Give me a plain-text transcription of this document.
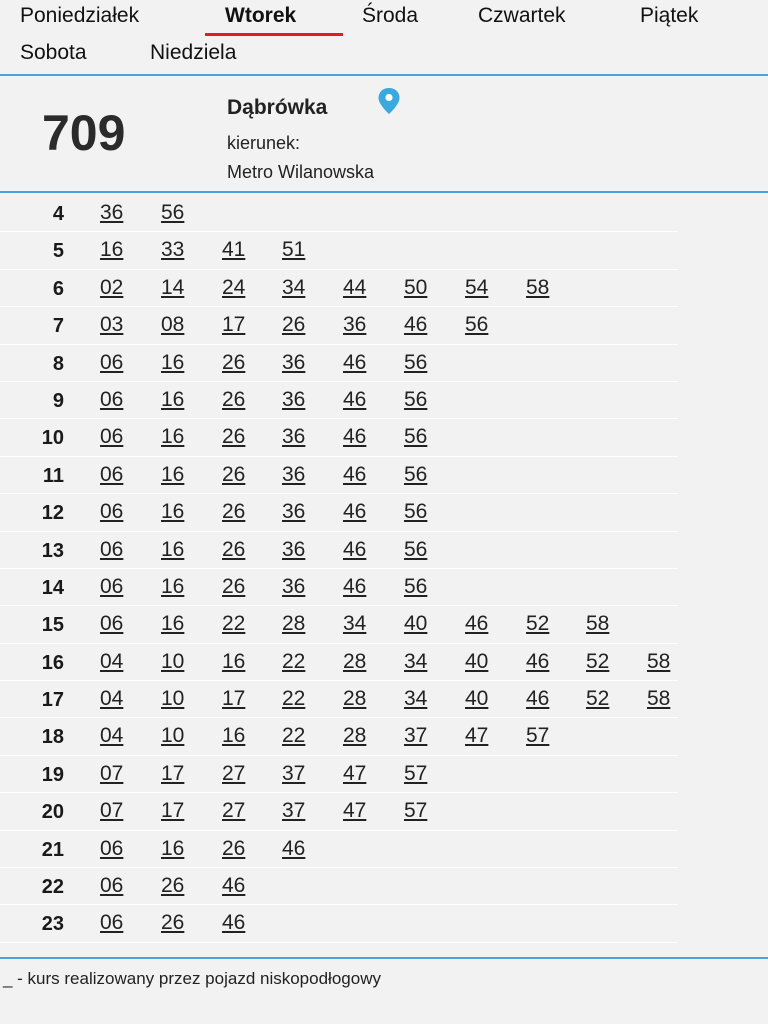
Poniedziałek	Wtorek	Środa	Czwartek	Piątek
Sobota	Niedziela
709	Dąbrówka
kierunek:
Metro Wilanowska
4 36 56
5 16 33 41 51
6 02 14 24 34 44 50 54 58
7 03 08 17 26 36 46 56
8 06 16 26 36 46 56
9 06 16 26 36 46 56
10 06 16 26 36 46 56
11 06 16 26 36 46 56
12 06 16 26 36 46 56
13 06 16 26 36 46 56
14 06 16 26 36 46 56
15 06 16 22 28 34 40 46 52 58
16 04 10 16 22 28 34 40 46 52 58
17 04 10 17 22 28 34 40 46 52 58
18 04 10 16 22 28 37 47 57
19 07 17 27 37 47 57
20 07 17 27 37 47 57
21 06 16 26 46
22 06 26 46
23 06 26 46
_ - kurs realizowany przez pojazd niskopodłogowy
